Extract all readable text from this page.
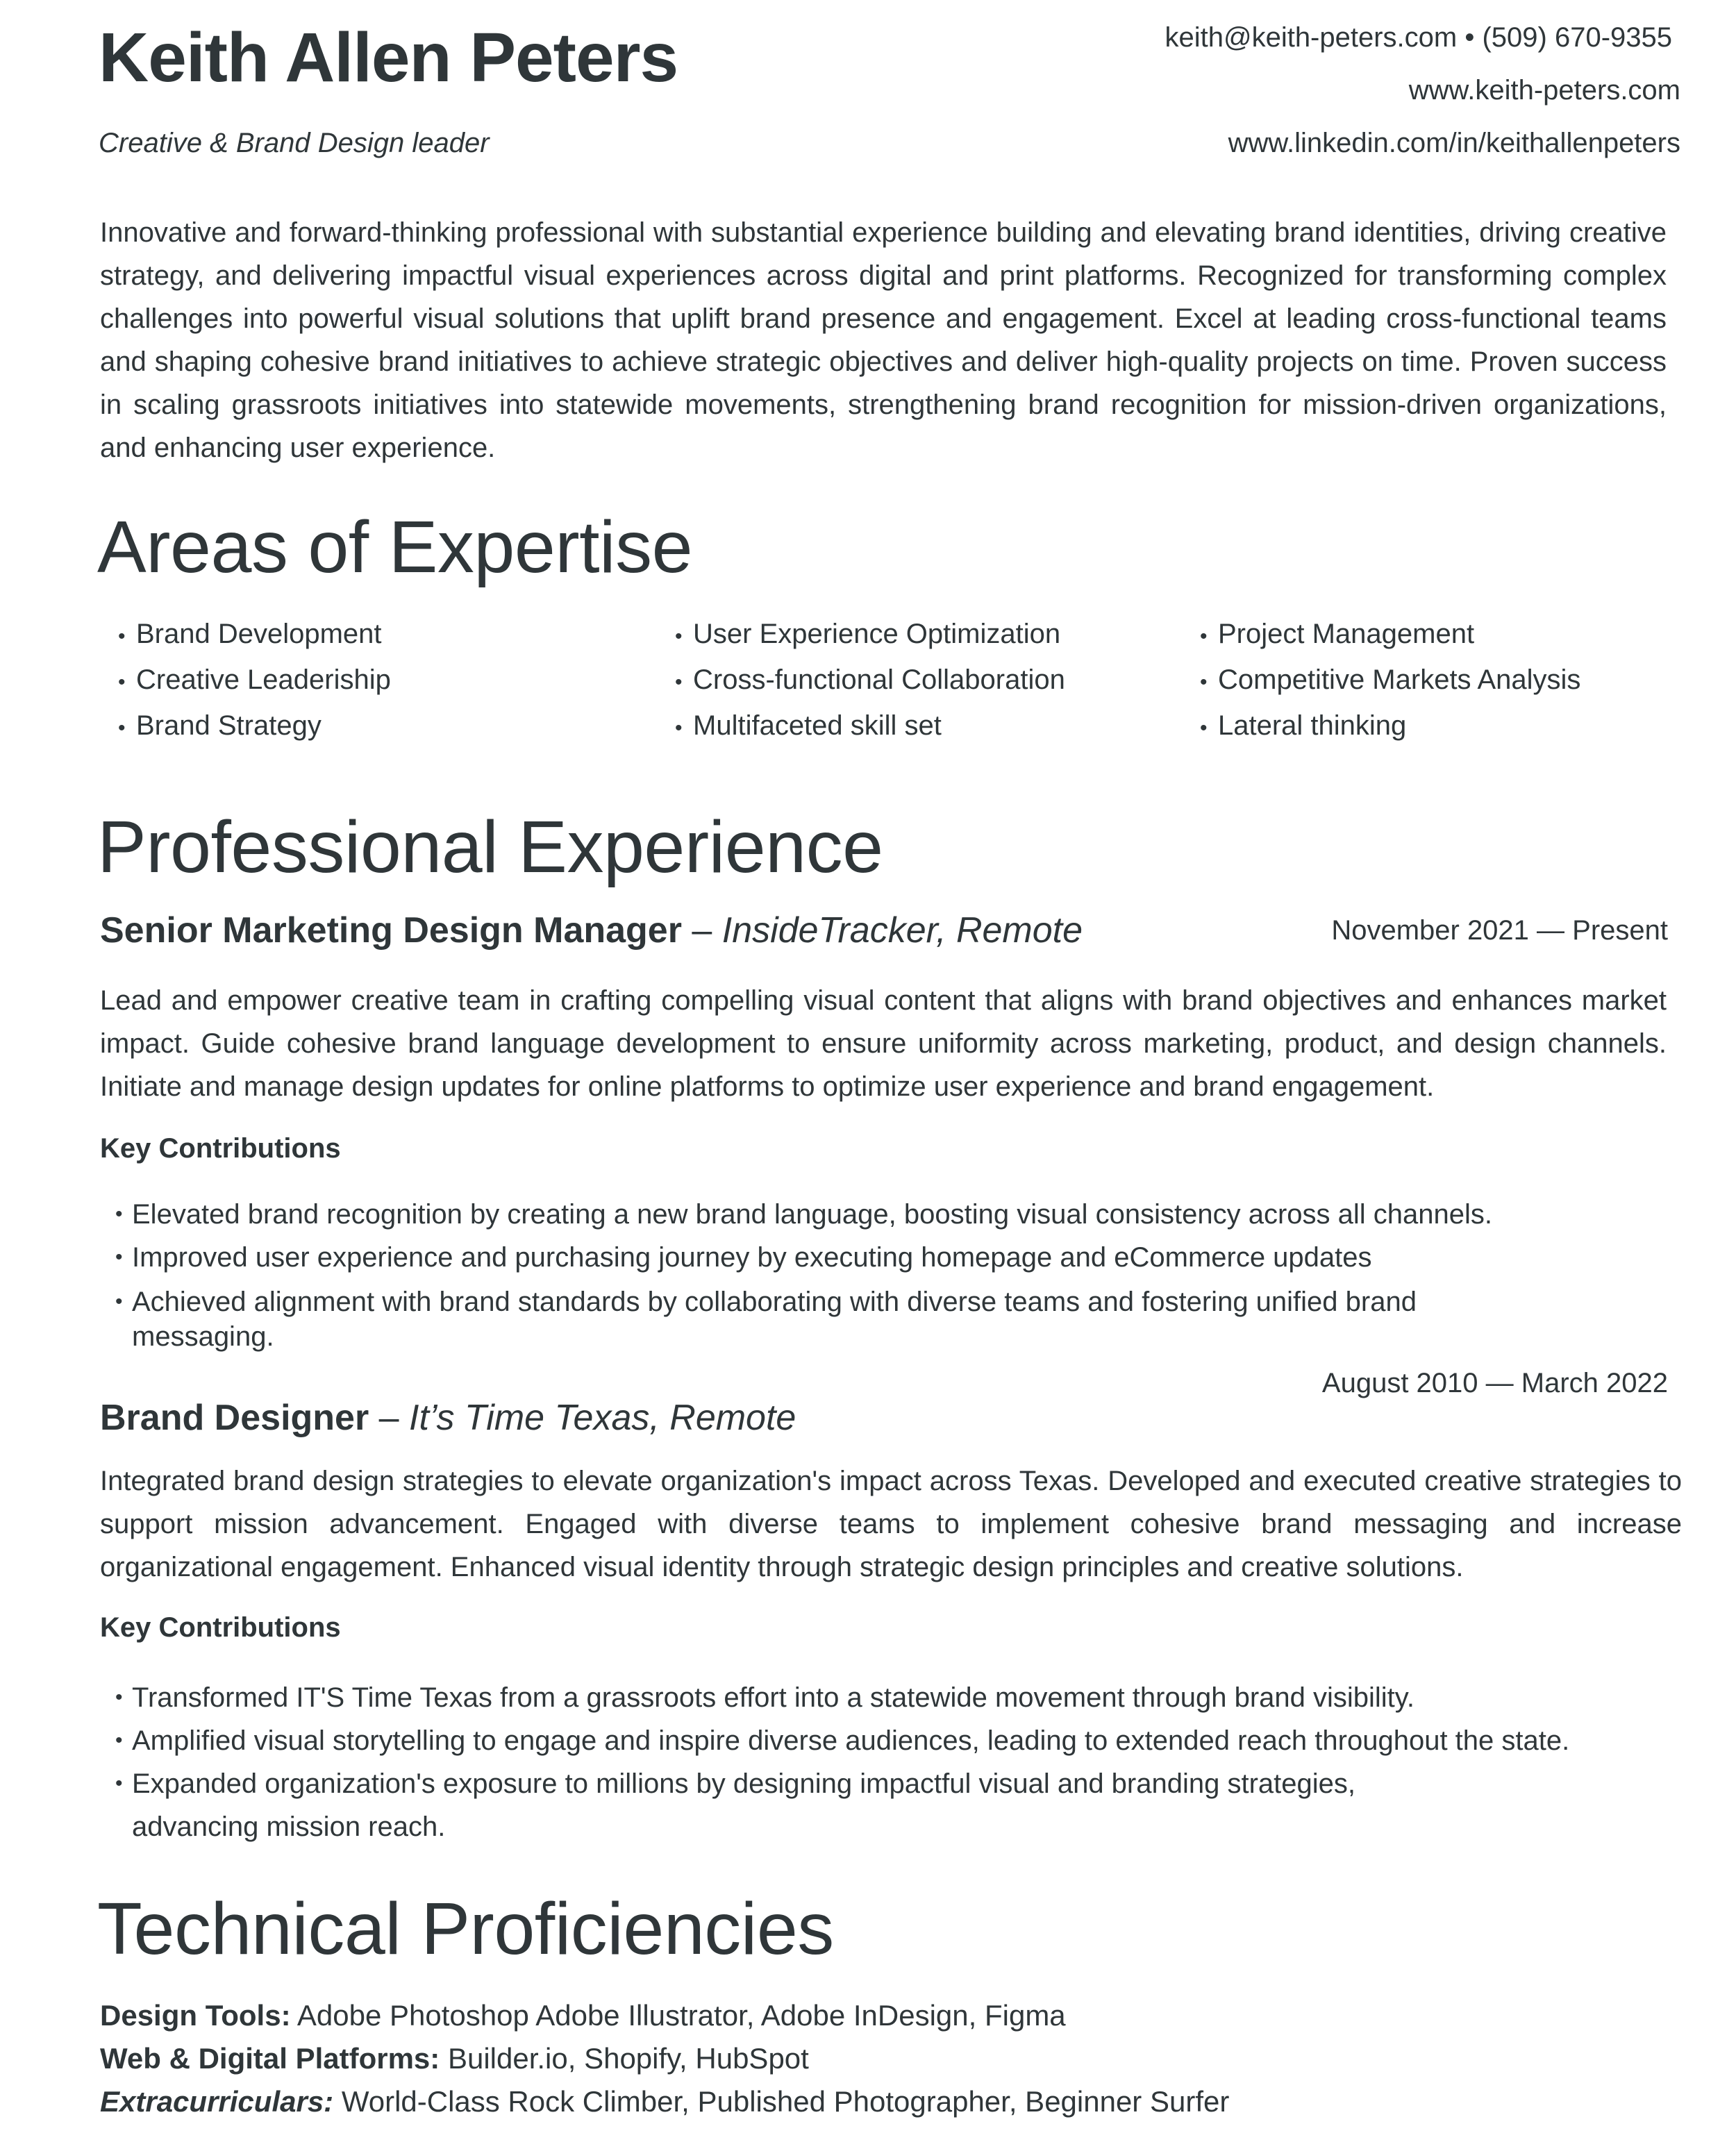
Keith Allen Peters
Creative & Brand Design leader
keith@keith-peters.com • (509) 670-9355
www.keith-peters.com
www.linkedin.com/in/keithallenpeters

Innovative and forward-thinking professional with substantial experience building and elevating brand identities, driving creative strategy, and delivering impactful visual experiences across digital and print platforms. Recognized for transforming complex challenges into powerful visual solutions that uplift brand presence and engagement. Excel at leading cross-functional teams and shaping cohesive brand initiatives to achieve strategic objectives and deliver high-quality projects on time. Proven success in scaling grassroots initiatives into statewide movements, strengthening brand recognition for mission-driven organizations, and enhancing user experience.

Areas of Expertise
• Brand Development
• Creative Leaderiship
• Brand Strategy
• User Experience Optimization
• Cross-functional Collaboration
• Multifaceted skill set
• Project Management
• Competitive Markets Analysis
• Lateral thinking
Professional Experience
Senior Marketing Design Manager – InsideTracker, Remote	November 2021 — Present

Lead and empower creative team in crafting compelling visual content that aligns with brand objectives and enhances market impact. Guide cohesive brand language development to ensure uniformity across marketing, product, and design channels. Initiate and manage design updates for online platforms to optimize user experience and brand engagement.

Key Contributions
• Elevated brand recognition by creating a new brand language, boosting visual consistency across all channels.
• Improved user experience and purchasing journey by executing homepage and eCommerce updates
• Achieved alignment with brand standards by collaborating with diverse teams and fostering unified brand messaging.
August 2010 — March 2022
Brand Designer – It’s Time Texas, Remote

Integrated brand design strategies to elevate organization's impact across Texas. Developed and executed creative strategies to support mission advancement. Engaged with diverse teams to implement cohesive brand messaging and increase organizational engagement. Enhanced visual identity through strategic design principles and creative solutions.

Key Contributions
• Transformed IT'S Time Texas from a grassroots effort into a statewide movement through brand visibility.
• Amplified visual storytelling to engage and inspire diverse audiences, leading to extended reach throughout the state.
• Expanded organization's exposure to millions by designing impactful visual and branding strategies, advancing mission reach.
Technical Proficiencies
Design Tools: Adobe Photoshop Adobe Illustrator, Adobe InDesign, Figma
Web & Digital Platforms: Builder.io, Shopify, HubSpot
Extracurriculars: World-Class Rock Climber, Published Photographer, Beginner Surfer
